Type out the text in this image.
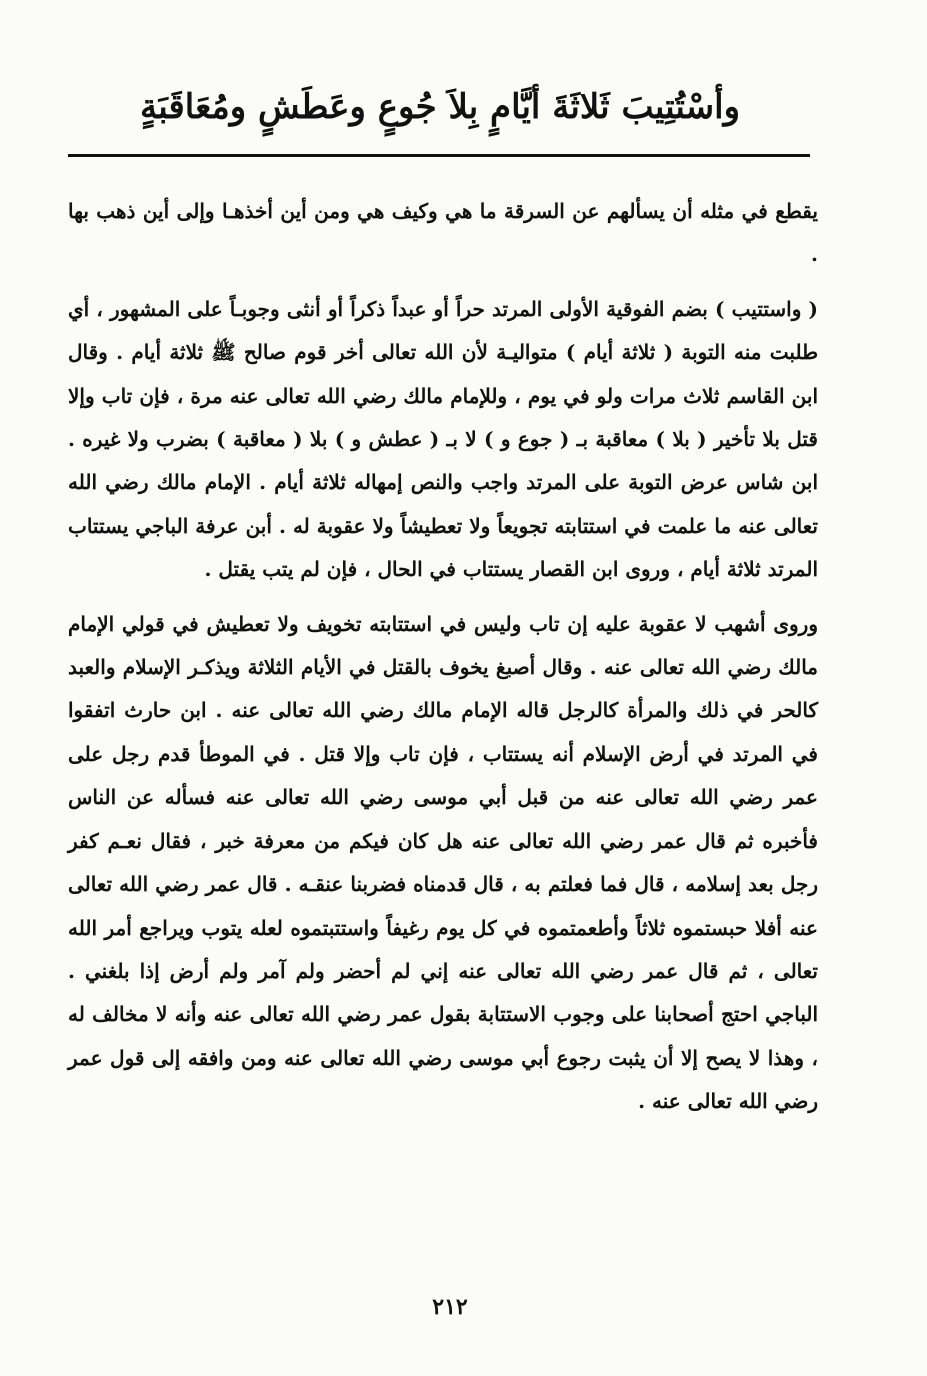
وأسْتُتِيبَ ثَلاثَةَ أيَّامٍ بِلاَ جُوعٍ وعَطَشٍ ومُعَاقَبَةٍ

يقطع في مثله أن يسألهم عن السرقة ما هي وكيف هي ومن أين أخذهـا وإلى أين ذهب بها .

( واستتيب ) بضم الفوقية الأولى المرتد حراً أو عبداً ذكراً أو أنثى وجوبـاً على المشهور ، أي طلبت منه التوبة ( ثلاثة أيام ) متواليـة لأن الله تعالى أخر قوم صالح ﷺ ثلاثة أيام . وقال ابن القاسم ثلاث مرات ولو في يوم ، وللإمام مالك رضي الله تعالى عنه مرة ، فإن تاب وإلا قتل بلا تأخير ( بلا ) معاقبة بـ ( جوع و ) لا بـ ( عطش و ) بلا ( معاقبة ) بضرب ولا غيره . ابن شاس عرض التوبة على المرتد واجب والنص إمهاله ثلاثة أيام . الإمام مالك رضي الله تعالى عنه ما علمت في استتابته تجويعاً ولا تعطيشاً ولا عقوبة له . أبن عرفة الباجي يستتاب المرتد ثلاثة أيام ، وروى ابن القصار يستتاب في الحال ، فإن لم يتب يقتل .

وروى أشهب لا عقوبة عليه إن تاب وليس في استتابته تخويف ولا تعطيش في قولي الإمام مالك رضي الله تعالى عنه . وقال أصبغ يخوف بالقتل في الأيام الثلاثة ويذكـر الإسلام والعبد كالحر في ذلك والمرأة كالرجل قاله الإمام مالك رضي الله تعالى عنه . ابن حارث اتفقوا في المرتد في أرض الإسلام أنه يستتاب ، فإن تاب وإلا قتل . في الموطأ قدم رجل على عمر رضي الله تعالى عنه من قبل أبي موسى رضي الله تعالى عنه فسأله عن الناس فأخبره ثم قال عمر رضي الله تعالى عنه هل كان فيكم من معرفة خبر ، فقال نعـم كفر رجل بعد إسلامه ، قال فما فعلتم به ، قال قدمناه فضربنا عنقـه . قال عمر رضي الله تعالى عنه أفلا حبستموه ثلاثاً وأطعمتموه في كل يوم رغيفاً واستتبتموه لعله يتوب ويراجع أمر الله تعالى ، ثم قال عمر رضي الله تعالى عنه إني لم أحضر ولم آمر ولم أرض إذا بلغني . الباجي احتج أصحابنا على وجوب الاستتابة بقول عمر رضي الله تعالى عنه وأنه لا مخالف له ، وهذا لا يصح إلا أن يثبت رجوع أبي موسى رضي الله تعالى عنه ومن وافقه إلى قول عمر رضي الله تعالى عنه .

٢١٢
